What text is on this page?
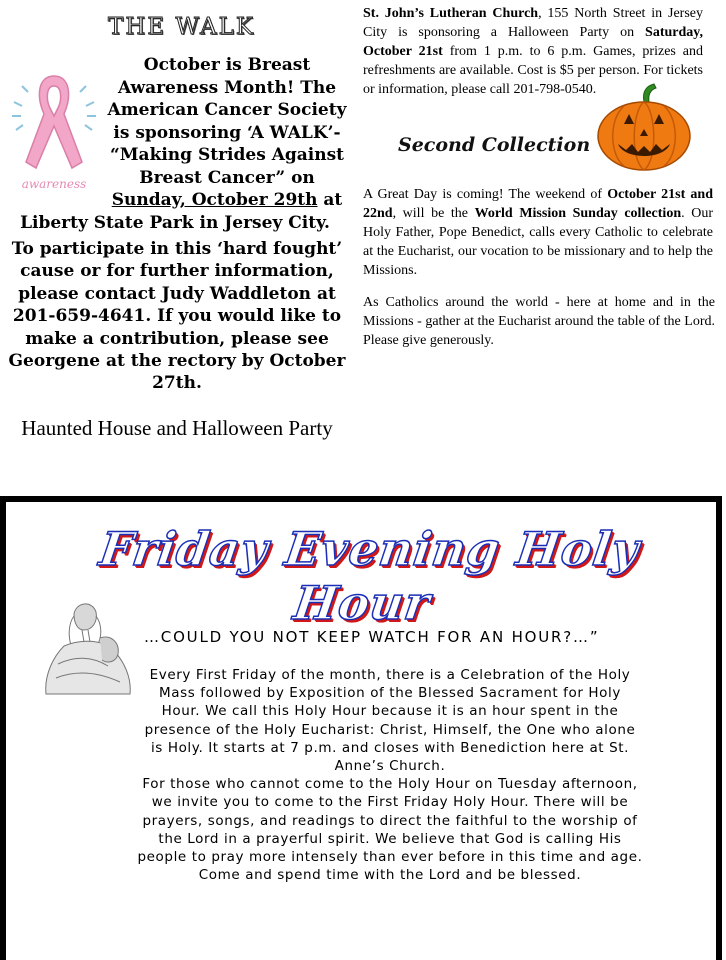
THE WALK
awareness

October is Breast Awareness Month! The American Cancer Society is sponsoring ‘A WALK’- “Making Strides Against Breast Cancer” on Sunday, October 29th at Liberty State Park in Jersey City.

To participate in this ‘hard fought’ cause or for further information, please contact Judy Waddleton at 201-659-4641. If you would like to make a contribution, please see Georgene at the rectory by October 27th.

Haunted House and Halloween Party

St. John’s Lutheran Church, 155 North Street in Jersey City is sponsoring a Halloween Party on Saturday, October 21st from 1 p.m. to 6 p.m. Games, prizes and refreshments are available. Cost is $5 per person. For tickets or information, please call 201-798-0540.

Second Collection

A Great Day is coming! The weekend of October 21st and 22nd, will be the World Mission Sunday collection. Our Holy Father, Pope Benedict, calls every Catholic to celebrate at the Eucharist, our vocation to be missionary and to help the Missions.

As Catholics around the world - here at home and in the Missions - gather at the Eucharist around the table of the Lord. Please give generously.

Friday Evening Holy Hour
…COULD YOU NOT KEEP WATCH FOR AN HOUR?…”

Every First Friday of the month, there is a Celebration of the Holy
Mass followed by Exposition of the Blessed Sacrament for Holy
Hour. We call this Holy Hour because it is an hour spent in the
presence of the Holy Eucharist: Christ, Himself, the One who alone
is Holy. It starts at 7 p.m. and closes with Benediction here at St.
Anne’s Church.
For those who cannot come to the Holy Hour on Tuesday afternoon,
we invite you to come to the First Friday Holy Hour. There will be
prayers, songs, and readings to direct the faithful to the worship of
the Lord in a prayerful spirit. We believe that God is calling His
people to pray more intensely than ever before in this time and age.
Come and spend time with the Lord and be blessed.
